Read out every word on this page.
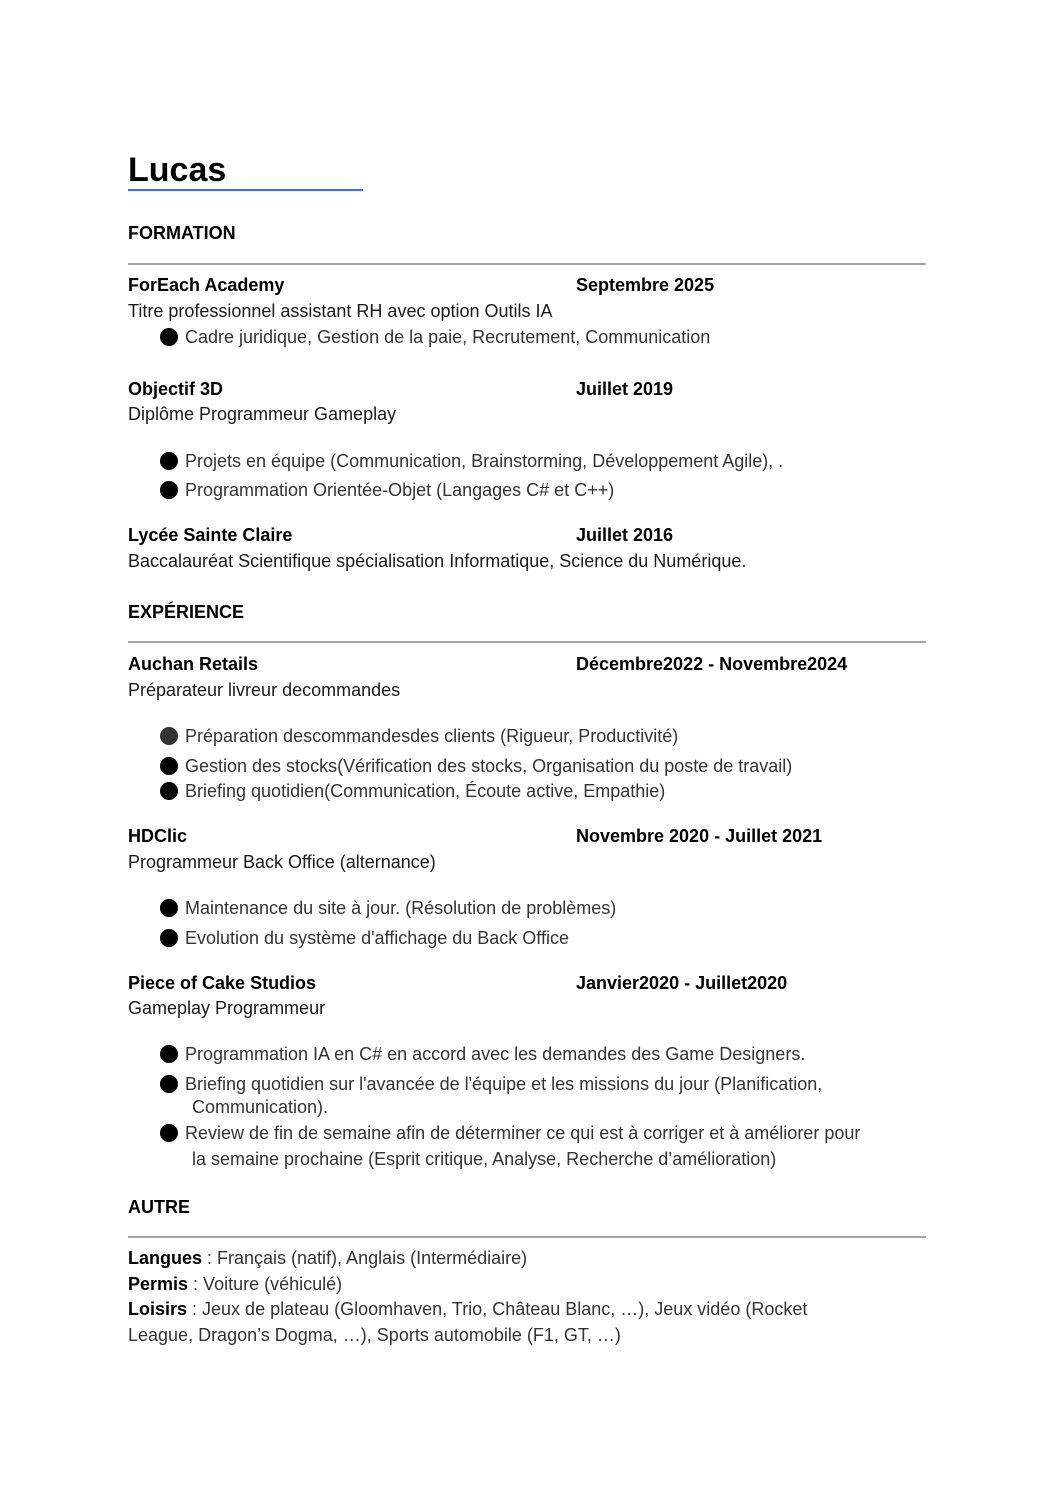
Lucas
FORMATION
ForEach Academy	Septembre 2025
Titre professionnel assistant RH avec option Outils IA
Cadre juridique, Gestion de la paie, Recrutement, Communication
Objectif 3D	Juillet 2019
Diplôme Programmeur Gameplay
Projets en équipe (Communication, Brainstorming, Développement Agile), .
Programmation Orientée-Objet (Langages C# et C++)
Lycée Sainte Claire	Juillet 2016
Baccalauréat Scientifique spécialisation Informatique, Science du Numérique.
EXPÉRIENCE
Auchan Retails	Décembre2022 - Novembre2024
Préparateur livreur decommandes
Préparation descommandesdes clients (Rigueur, Productivité)
Gestion des stocks(Vérification des stocks, Organisation du poste de travail)
Briefing quotidien(Communication, Écoute active, Empathie)
HDClic	Novembre 2020 - Juillet 2021
Programmeur Back Office (alternance)
Maintenance du site à jour. (Résolution de problèmes)
Evolution du système d'affichage du Back Office
Piece of Cake Studios	Janvier2020 - Juillet2020
Gameplay Programmeur
Programmation IA en C# en accord avec les demandes des Game Designers.
Briefing quotidien sur l'avancée de l'équipe et les missions du jour (Planification,
Communication).
Review de fin de semaine afin de déterminer ce qui est à corriger et à améliorer pour
la semaine prochaine (Esprit critique, Analyse, Recherche d’amélioration)
AUTRE
Langues : Français (natif), Anglais (Intermédiaire)
Permis : Voiture (véhiculé)
Loisirs : Jeux de plateau (Gloomhaven, Trio, Château Blanc, …), Jeux vidéo (Rocket
League, Dragon’s Dogma, …), Sports automobile (F1, GT, …)
